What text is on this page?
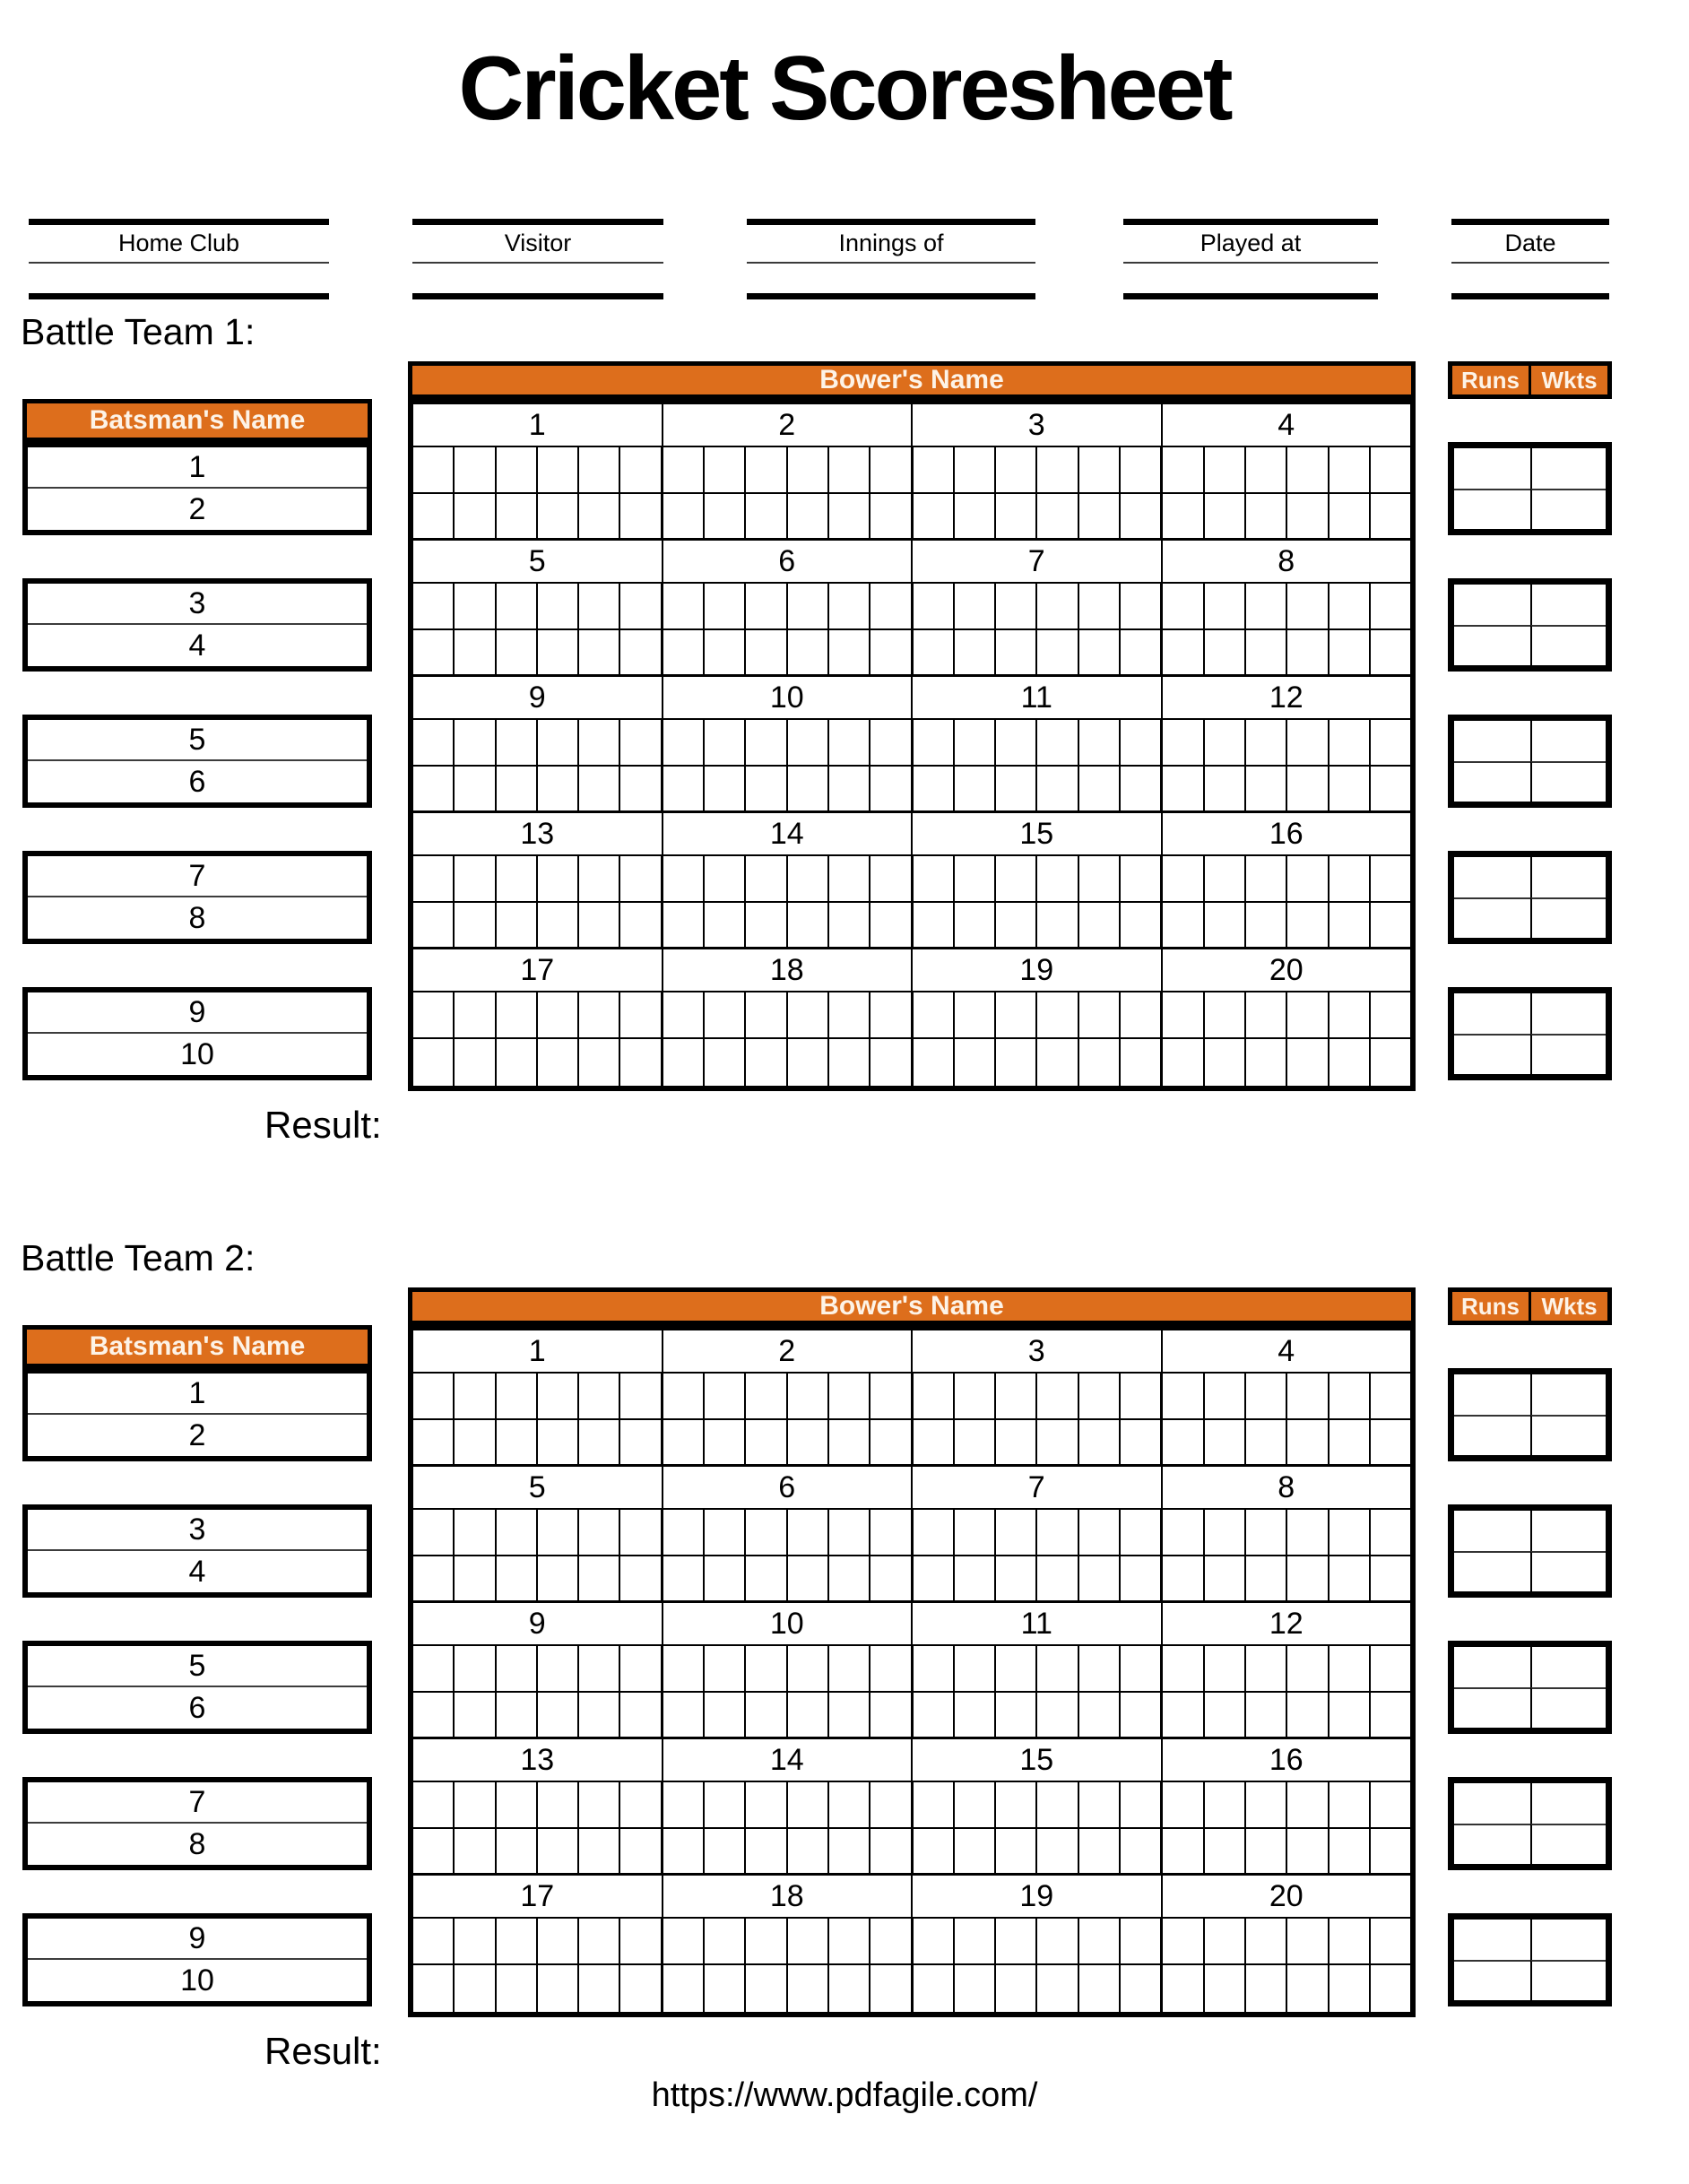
Cricket Scoresheet
Home Club	Visitor	Innings of	Played at	Date
Battle Team 1:
Batsman's Name
1
2
3
4
5
6
7
8
9
10
Bower's Name
1	2	3	4
5	6	7	8
9	10	11	12
13	14	15	16
17	18	19	20
Runs Wkts
Result:
Battle Team 2:
Batsman's Name
1
2
3
4
5
6
7
8
9
10
Bower's Name
1	2	3	4
5	6	7	8
9	10	11	12
13	14	15	16
17	18	19	20
Runs Wkts
Result:
https://www.pdfagile.com/
